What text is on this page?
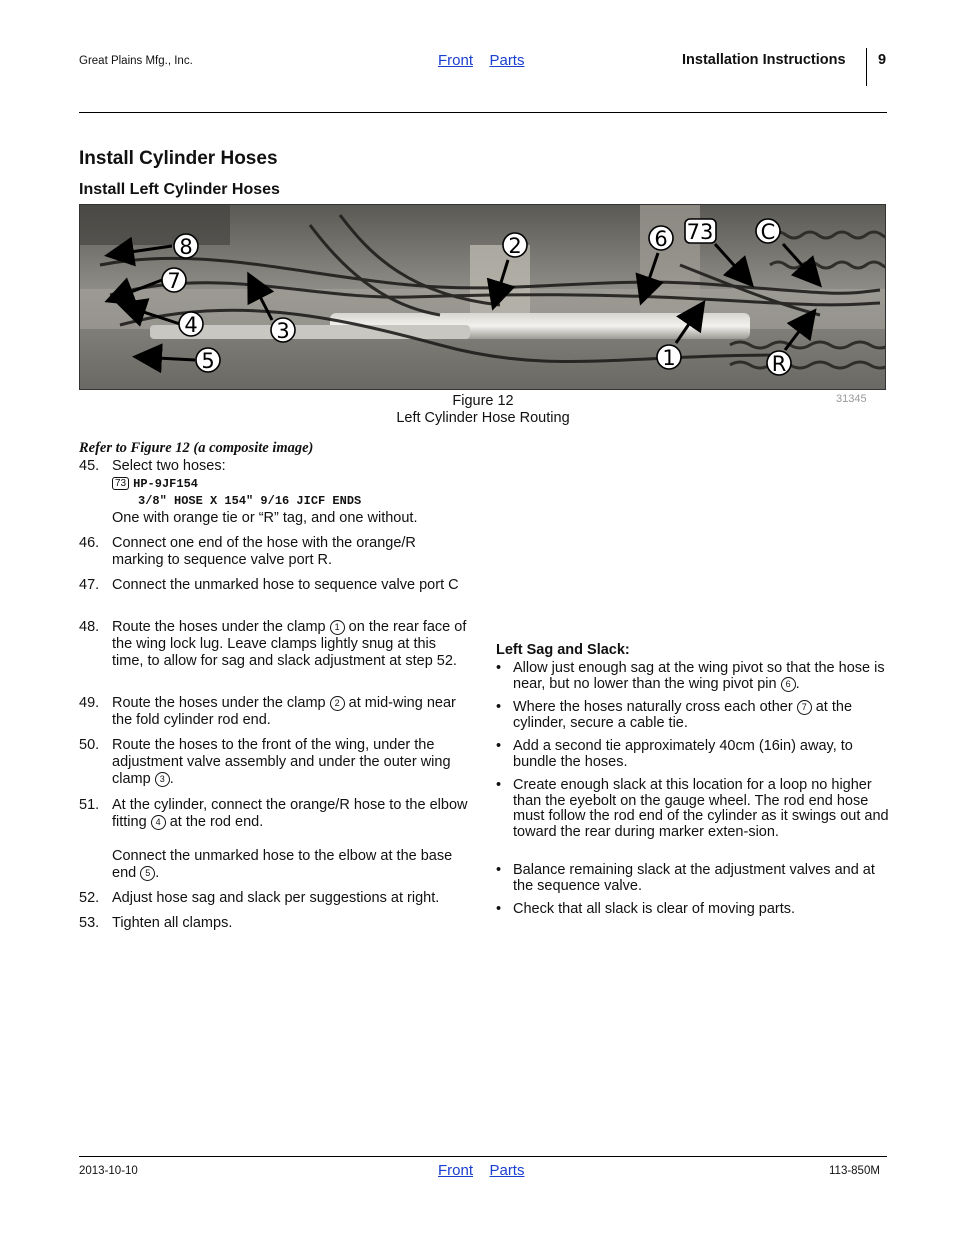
Great Plains Mfg., Inc.	Front Parts	Installation Instructions 9
Install Cylinder Hoses
Install Left Cylinder Hoses
8
7
4
5
3
2	6 73 C
1	R
31345
Figure 12
Left Cylinder Hose Routing
Refer to Figure 12 (a composite image)
45. Select two hoses:
73 HP-9JF154
3/8" HOSE X 154" 9/16 JICF ENDS
One with orange tie or “R” tag, and one without.
46. Connect one end of the hose with the orange/R marking to sequence valve port R.
47. Connect the unmarked hose to sequence valve port C
48. Route the hoses under the clamp 1 on the rear face of the wing lock lug. Leave clamps lightly snug at this time, to allow for sag and slack adjustment at step 52.
49. Route the hoses under the clamp 2 at mid-wing near the fold cylinder rod end.
50. Route the hoses to the front of the wing, under the adjustment valve assembly and under the outer wing clamp 3 .
51. At the cylinder, connect the orange/R hose to the elbow fitting 4 at the rod end.
Connect the unmarked hose to the elbow at the base end 5 .
52. Adjust hose sag and slack per suggestions at right.
53. Tighten all clamps.
Left Sag and Slack:
• Allow just enough sag at the wing pivot so that the hose is near, but no lower than the wing pivot pin 6 .
• Where the hoses naturally cross each other 7 at the cylinder, secure a cable tie.
• Add a second tie approximately 40cm (16in) away, to bundle the hoses.
• Create enough slack at this location for a loop no higher than the eyebolt on the gauge wheel. The rod end hose must follow the rod end of the cylinder as it swings out and toward the rear during marker exten-sion.
• Balance remaining slack at the adjustment valves and at the sequence valve.
• Check that all slack is clear of moving parts.
2013-10-10	Front Parts	113-850M
